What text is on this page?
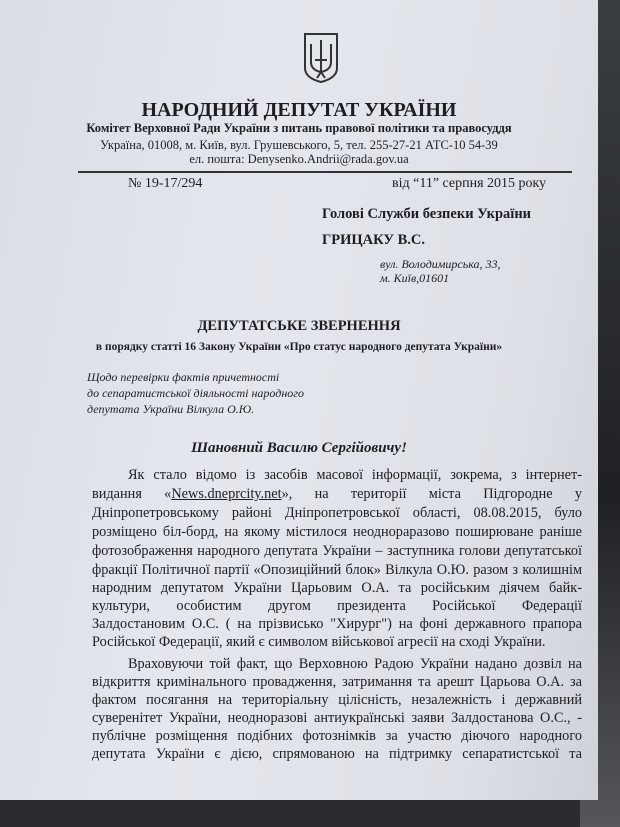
НАРОДНИЙ ДЕПУТАТ УКРАЇНИ
Комітет Верховної Ради України з питань правової політики та правосуддя
Україна, 01008, м. Київ, вул. Грушевського, 5, тел. 255-27-21 АТС-10 54-39
ел. пошта: Denysenko.Andrii@rada.gov.ua
№ 19-17/294	від “11” серпня 2015 року
Голові Служби безпеки України
ГРИЦАКУ В.С.
вул. Володимирська, 33,
м. Київ,01601
ДЕПУТАТСЬКЕ ЗВЕРНЕННЯ
в порядку статті 16 Закону України «Про статус народного депутата України»
Щодо перевірки фактів причетності
до сепаратистської діяльності народного
депутата України Вілкула О.Ю.
Шановний Василю Сергійовичу!
Як стало відомо із засобів масової інформації, зокрема, з інтернет-
видання «News.dneprcity.net», на території міста Підгородне у
Дніпропетровському районі Дніпропетровської області, 08.08.2015, було
розміщено біл-борд, на якому містилося неоднораразово поширюване раніше
фотозображення народного депутата України – заступника голови депутатської
фракції Політичної партії «Опозиційний блок» Вілкула О.Ю. разом з колишнім
народним депутатом України Царьовим О.А. та російським діячем байк-
культури, особистим другом президента Російської Федерації
Залдостановим О.С. ( на прізвисько "Хирург") на фоні державного прапора
Російської Федерації, який є символом військової агресії на сході України.
Враховуючи той факт, що Верховною Радою України надано дозвіл на
відкриття кримінального провадження, затримання та арешт Царьова О.А. за
фактом посягання на територіальну цілісність, незалежність і державний
суверенітет України, неодноразові антиукраїнські заяви Залдостанова О.С., -
публічне розміщення подібних фотознімків за участю діючого народного
депутата України є дією, спрямованою на підтримку сепаратистської та
